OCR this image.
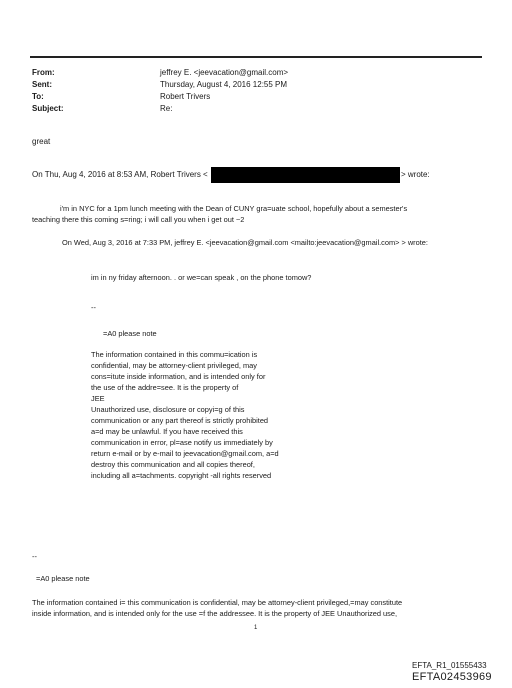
From:	jeffrey E. <jeevacation@gmail.com>
Sent:	Thursday, August 4, 2016 12:55 PM
To:	Robert Trivers
Subject:	Re:
great
On Thu, Aug 4, 2016 at 8:53 AM, Robert Trivers <	> wrote:
i'm in NYC for a 1pm lunch meeting with the Dean of CUNY gra=uate school, hopefully about a semester's
teaching there this coming s=ring; i will call you when i get out ~2
On Wed, Aug 3, 2016 at 7:33 PM, jeffrey E. <jeevacation@gmail.com <mailto:jeevacation@gmail.com> > wrote:
im in ny friday afternoon. . or we=can speak , on the phone tomow?
--
=A0 please note
The information contained in this commu=ication is
confidential, may be attorney-client privileged, may
cons=itute inside information, and is intended only for
the use of the addre=see. It is the property of
JEE
Unauthorized use, disclosure or copyi=g of this
communication or any part thereof is strictly prohibited
a=d may be unlawful. If you have received this
communication in error, pl=ase notify us immediately by
return e-mail or by e-mail to jeevacation@gmail.com, a=d
destroy this communication and all copies thereof,
including all a=tachments. copyright -all rights reserved
--
=A0 please note
The information contained i= this communication is confidential, may be attorney-client privileged,=may constitute
inside information, and is intended only for the use =f the addressee. It is the property of JEE Unauthorized use,
1
EFTA_R1_01555433
EFTA02453969
